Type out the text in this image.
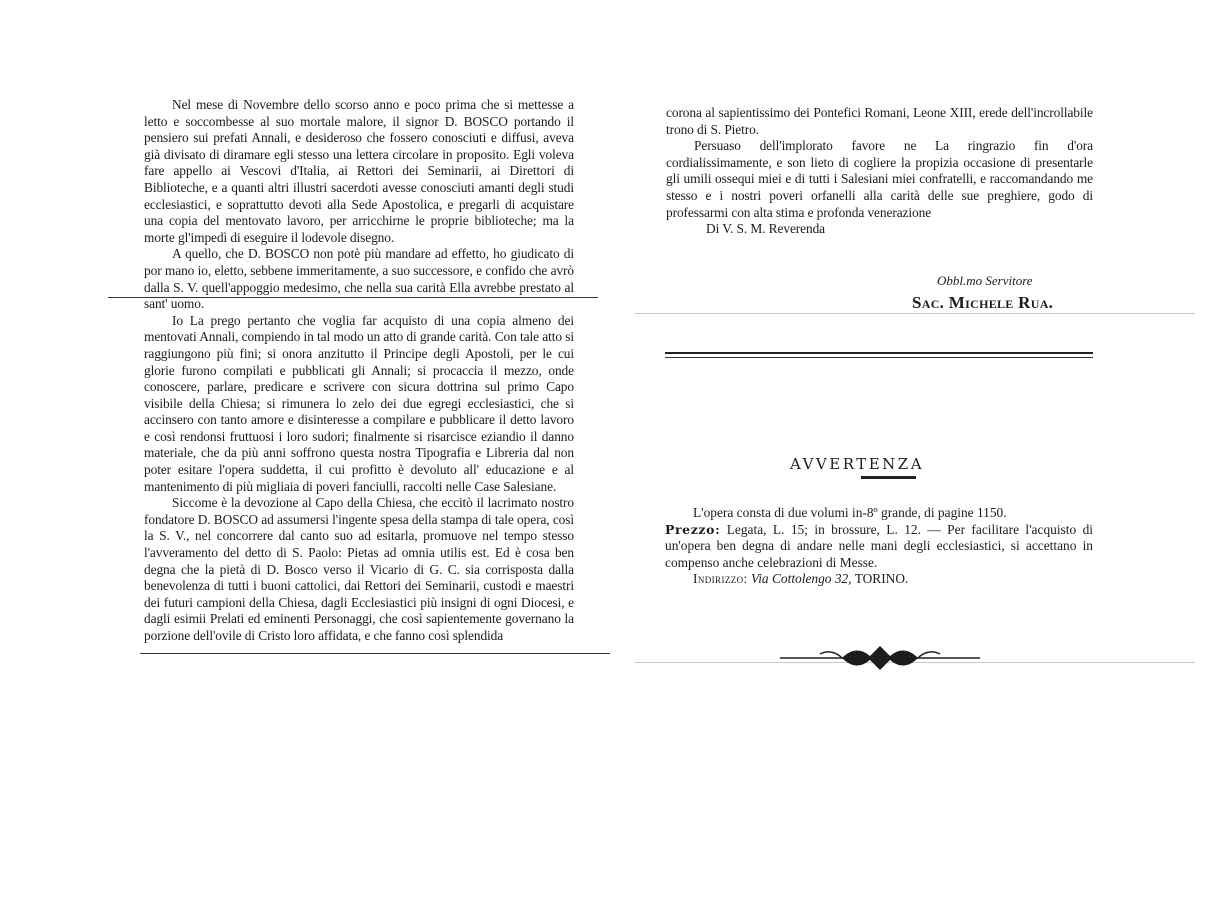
Nel mese di Novembre dello scorso anno e poco prima che si mettesse a letto e soccombesse al suo mortale malore, il signor D. BOSCO portando il pensiero sui prefati Annali, e desideroso che fossero conosciuti e diffusi, aveva già divisato di diramare egli stesso una lettera circolare in proposito. Egli voleva fare appello ai Vescovi d'Italia, ai Rettori dei Seminarii, ai Direttori di Biblioteche, e a quanti altri illustri sacerdoti avesse conosciuti amanti degli studi ecclesiastici, e soprattutto devoti alla Sede Apostolica, e pregarli di acquistare una copia del mentovato lavoro, per arricchirne le proprie biblioteche; ma la morte gl'impedì di eseguire il lodevole disegno.

A quello, che D. BOSCO non potè più mandare ad effetto, ho giudicato di por mano io, eletto, sebbene immeritamente, a suo successore, e confido che avrò dalla S. V. quell'appoggio medesimo, che nella sua carità Ella avrebbe prestato al sant' uomo.

Io La prego pertanto che voglia far acquisto di una copia almeno dei mentovati Annali, compiendo in tal modo un atto di grande carità. Con tale atto si raggiungono più fini; si onora anzitutto il Principe degli Apostoli, per le cui glorie furono compilati e pubblicati gli Annali; si procaccia il mezzo, onde conoscere, parlare, predicare e scrivere con sicura dottrina sul primo Capo visibile della Chiesa; si rimunera lo zelo dei due egregi ecclesiastici, che si accinsero con tanto amore e disinteresse a compilare e pubblicare il detto lavoro e così rendonsi fruttuosi i loro sudori; finalmente si risarcisce eziandio il danno materiale, che da più anni soffrono questa nostra Tipografia e Libreria dal non poter esitare l'opera suddetta, il cui profitto è devoluto all' educazione e al mantenimento di più migliaia di poveri fanciulli, raccolti nelle Case Salesiane.

Siccome è la devozione al Capo della Chiesa, che eccitò il lacrimato nostro fondatore D. BOSCO ad assumersi l'ingente spesa della stampa di tale opera, così la S. V., nel concorrere dal canto suo ad esitarla, promuove nel tempo stesso l'avveramento del detto di S. Paolo: Pietas ad omnia utilis est. Ed è cosa ben degna che la pietà di D. Bosco verso il Vicario di G. C. sia corrisposta dalla benevolenza di tutti i buoni cattolici, dai Rettori dei Seminarii, custodi e maestri dei futuri campioni della Chiesa, dagli Ecclesiastici più insigni di ogni Diocesi, e dagli esimii Prelati ed eminenti Personaggi, che così sapientemente governano la porzione dell'ovile di Cristo loro affidata, e che fanno così splendida

corona al sapientissimo dei Pontefici Romani, Leone XIII, erede dell'incrollabile trono di S. Pietro.

Persuaso dell'implorato favore ne La ringrazio fin d'ora cordialissimamente, e son lieto di cogliere la propizia occasione di presentarle gli umili ossequi miei e di tutti i Salesiani miei confratelli, e raccomandando me stesso e i nostri poveri orfanelli alla carità delle sue preghiere, godo di professarmi con alta stima e profonda venerazione

Di V. S. M. Reverenda

Obbl.mo Servitore
Sac. Michele Rua.
AVVERTENZA

L'opera consta di due volumi in-8º grande, di pagine 1150.

Prezzo: Legata, L. 15; in brossure, L. 12. — Per facilitare l'acquisto di un'opera ben degna di andare nelle mani degli ecclesiastici, si accettano in compenso anche celebrazioni di Messe.

Indirizzo: Via Cottolengo 32, TORINO.
